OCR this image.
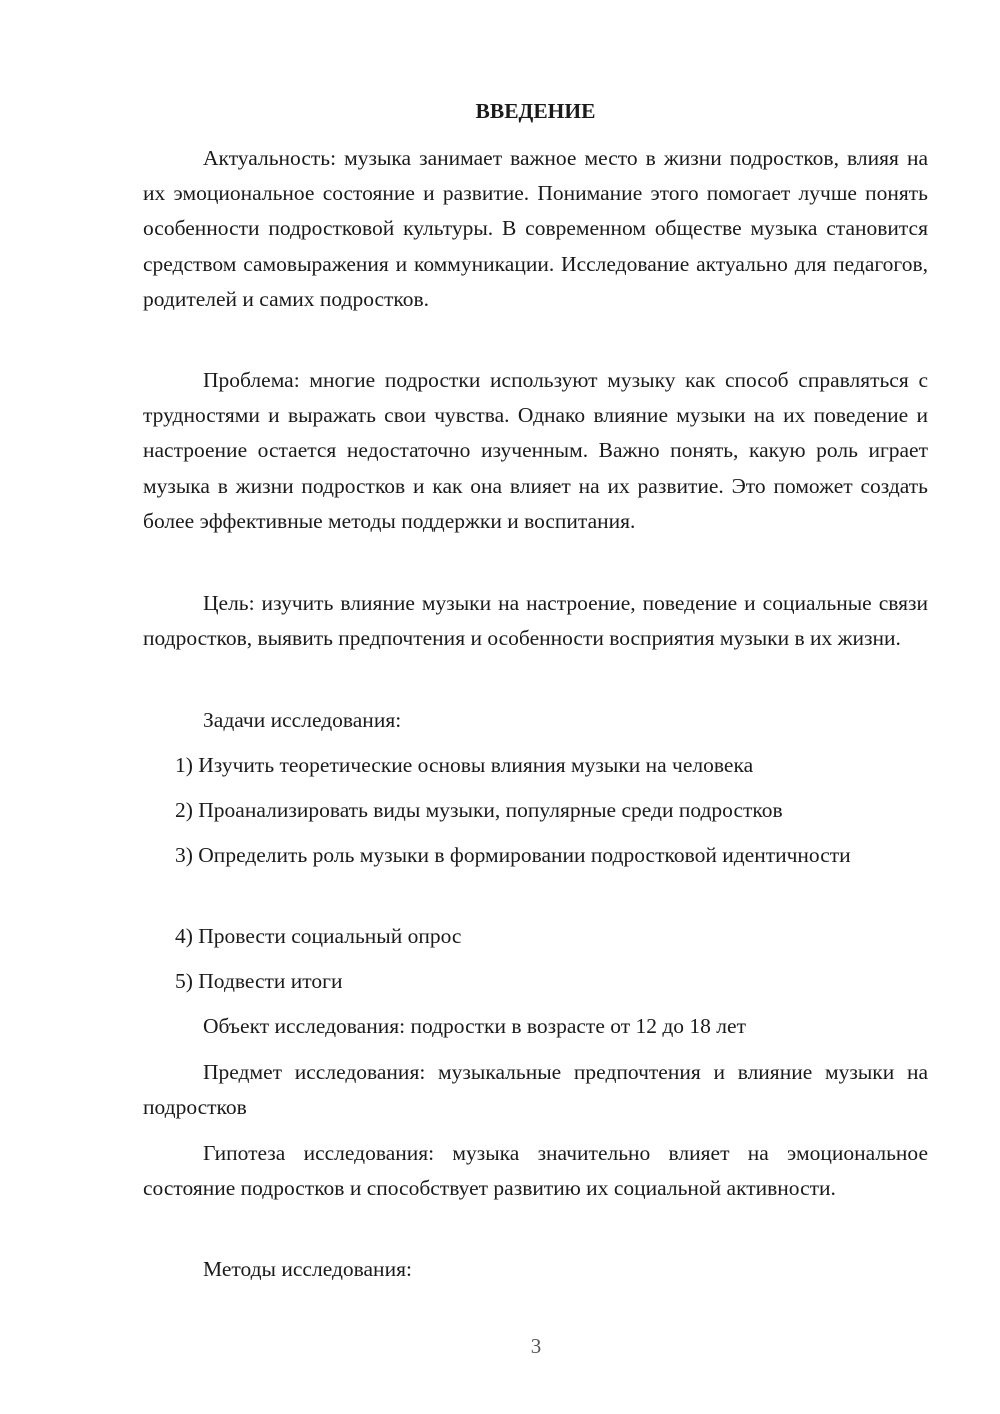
ВВЕДЕНИЕ

Актуальность: музыка занимает важное место в жизни подростков, влияя на их эмоциональное состояние и развитие. Понимание этого помогает лучше понять особенности подростковой культуры. В современном обществе музыка становится средством самовыражения и коммуникации. Исследование актуально для педагогов, родителей и самих подростков.

Проблема: многие подростки используют музыку как способ справляться с трудностями и выражать свои чувства. Однако влияние музыки на их поведение и настроение остается недостаточно изученным. Важно понять, какую роль играет музыка в жизни подростков и как она влияет на их развитие. Это поможет создать более эффективные методы поддержки и воспитания.

Цель: изучить влияние музыки на настроение, поведение и социальные связи подростков, выявить предпочтения и особенности восприятия музыки в их жизни.

Задачи исследования:

1) Изучить теоретические основы влияния музыки на человека

2) Проанализировать виды музыки, популярные среди подростков

3) Определить роль музыки в формировании подростковой идентичности

4) Провести социальный опрос

5) Подвести итоги

Объект исследования: подростки в возрасте от 12 до 18 лет

Предмет исследования: музыкальные предпочтения и влияние музыки на подростков

Гипотеза исследования: музыка значительно влияет на эмоциональное состояние подростков и способствует развитию их социальной активности.

Методы исследования:

3
